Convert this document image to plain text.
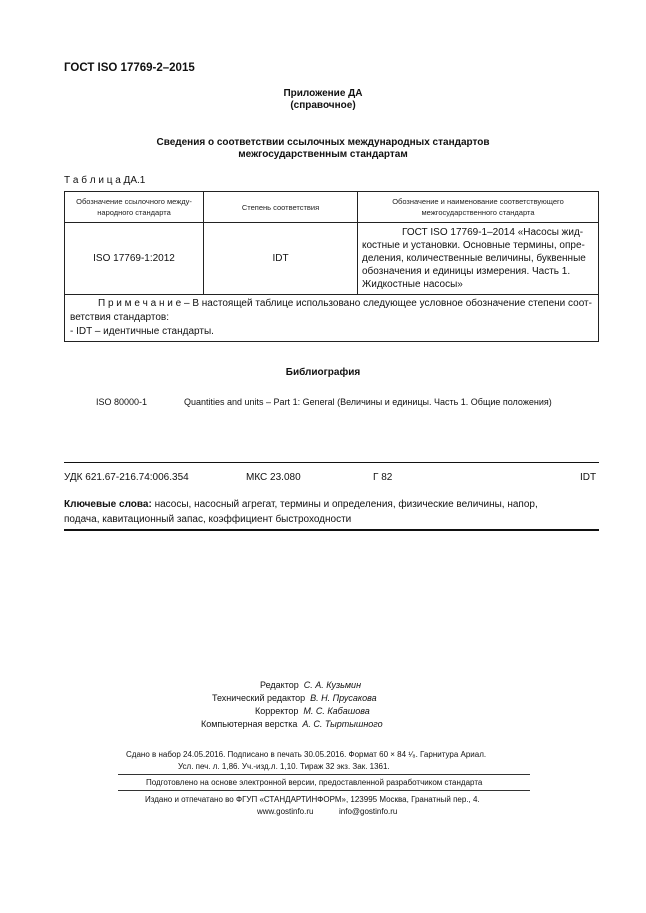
ГОСТ ISO 17769-2–2015
Приложение ДА
(справочное)
Сведения о соответствии ссылочных международных стандартов
межгосударственным стандартам
Т а б л и ц а ДА.1
Обозначение ссылочного между-
народного стандарта	Степень соответствия	Обозначение и наименование соответствующего
межгосударственного стандарта
ISO 17769-1:2012	IDT	ГОСТ ISO 17769-1–2014 «Насосы жид-
костные и установки. Основные термины, опре-
деления, количественные величины, буквенные
обозначения и единицы измерения. Часть 1.
Жидкостные насосы»

П р и м е ч а н и е – В настоящей таблице использовано следующее условное обозначение степени соот-
ветствия стандартов:
- IDT – идентичные стандарты.		
Библиография
ISO 80000-1	Quantities and units – Part 1: General (Величины и единицы. Часть 1. Общие положения)
УДК 621.67-216.74:006.354	МКС 23.080	Г 82	IDT
Ключевые слова: насосы, насосный агрегат, термины и определения, физические величины, напор,
подача, кавитационный запас, коэффициент быстроходности
Редактор С. А. Кузьмин
Технический редактор В. Н. Прусакова
Корректор М. С. Кабашова
Компьютерная верстка А. С. Тыртышного
Сдано в набор 24.05.2016. Подписано в печать 30.05.2016. Формат 60 × 84 ¹⁄₈. Гарнитура Ариал.
Усл. печ. л. 1,86. Уч.-изд.л. 1,10. Тираж 32 экз. Зак. 1361.
Подготовлено на основе электронной версии, предоставленной разработчиком стандарта
Издано и отпечатано во ФГУП «СТАНДАРТИНФОРМ», 123995 Москва, Гранатный пер., 4.
www.gostinfo.ru	info@gostinfo.ru
